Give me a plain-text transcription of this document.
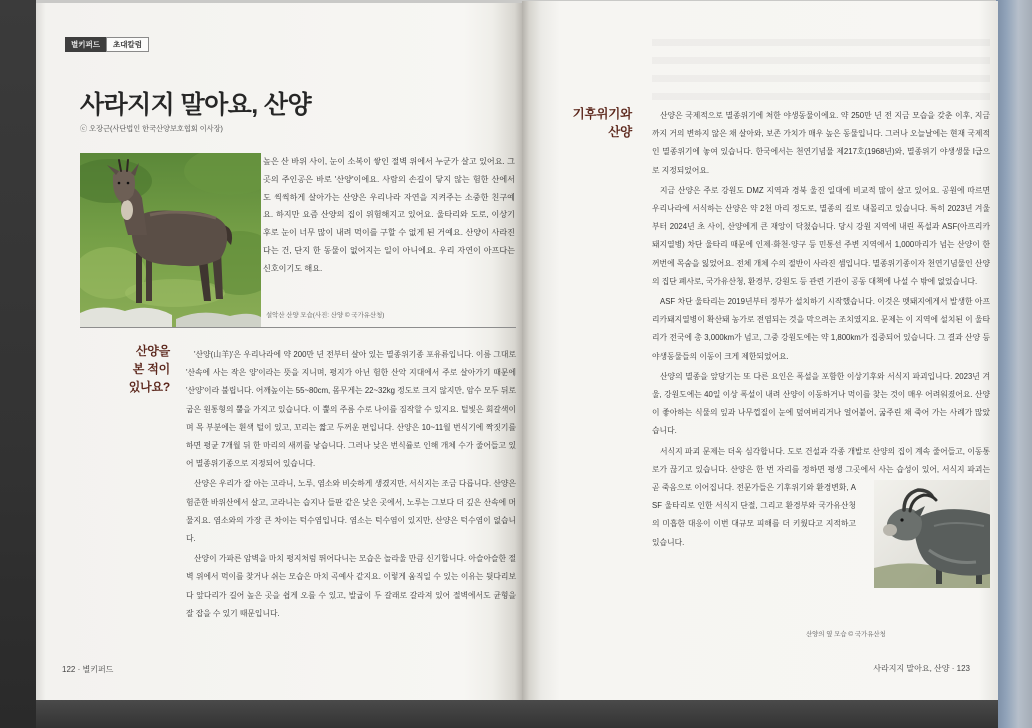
별키퍼드	초대칼럼
사라지지 말아요, 산양
ⓒ 오장근(사단법인 한국산양보호협회 이사장)
높은 산 바위 사이, 눈이 소복이 쌓인 절벽 위에서 누군가 살고 있어요. 그곳의 주인공은 바로 '산양'이에요. 사람의 손길이 닿지 않는 험한 산에서도 씩씩하게 살아가는 산양은 우리나라 자연을 지켜주는 소중한 친구예요. 하지만 요즘 산양의 집이 위험해지고 있어요. 울타리와 도로, 이상기후로 눈이 너무 많이 내려 먹이를 구할 수 없게 된 거예요. 산양이 사라진다는 건, 단지 한 동물이 없어지는 일이 아니에요. 우리 자연이 아프다는 신호이기도 해요.
설악산 산양 모습(사진: 산양 © 국가유산청)
산양을
본 적이
있나요?

'산양(山羊)'은 우리나라에 약 200만 년 전부터 살아 있는 멸종위기종 포유류입니다. 이름 그대로 '산속에 사는 작은 양'이라는 뜻을 지니며, 평지가 아닌 험한 산악 지대에서 주로 살아가기 때문에 '산양'이라 불립니다. 어깨높이는 55~80cm, 몸무게는 22~32kg 정도로 크지 않지만, 암수 모두 뒤로 굽은 원통형의 뿔을 가지고 있습니다. 이 뿔의 주름 수로 나이를 짐작할 수 있지요. 털빛은 회갈색이며 목 부분에는 흰색 털이 있고, 꼬리는 짧고 두꺼운 편입니다. 산양은 10~11월 번식기에 짝짓기를 하면 평균 7개월 뒤 한 마리의 새끼를 낳습니다. 그러나 낮은 번식률로 인해 개체 수가 줄어들고 있어 멸종위기종으로 지정되어 있습니다.

산양은 우리가 잘 아는 고라니, 노루, 염소와 비슷하게 생겼지만, 서식지는 조금 다릅니다. 산양은 험준한 바위산에서 살고, 고라니는 습지나 들판 같은 낮은 곳에서, 노루는 그보다 더 깊은 산속에 머물지요. 염소와의 가장 큰 차이는 턱수염입니다. 염소는 턱수염이 있지만, 산양은 턱수염이 없습니다.

산양이 가파른 암벽을 마치 평지처럼 뛰어다니는 모습은 놀라울 만큼 신기합니다. 아슬아슬한 절벽 위에서 먹이를 찾거나 쉬는 모습은 마치 곡예사 같지요. 이렇게 움직일 수 있는 이유는 뒷다리보다 앞다리가 길어 높은 곳을 쉽게 오를 수 있고, 발굽이 두 갈래로 갈라져 있어 절벽에서도 균형을 잘 잡을 수 있기 때문입니다.

122 · 별키퍼드
기후위기와
산양

산양은 국제적으로 멸종위기에 처한 야생동물이에요. 약 250만 년 전 지금 모습을 갖춘 이후, 지금까지 거의 변하지 않은 채 살아와, 보존 가치가 매우 높은 동물입니다. 그러나 오늘날에는 현재 국제적인 멸종위기에 놓여 있습니다. 한국에서는 천연기념물 제217호(1968년)와, 멸종위기 야생생물 I급으로 지정되었어요.

지금 산양은 주로 강원도 DMZ 지역과 경북 울진 일대에 비교적 많이 살고 있어요. 공원에 따르면 우리나라에 서식하는 산양은 약 2천 마리 정도로, 멸종의 길로 내몰리고 있습니다. 특히 2023년 겨울부터 2024년 초 사이, 산양에게 큰 재앙이 닥쳤습니다. 당시 강원 지역에 내린 폭설과 ASF(아프리카돼지열병) 차단 울타리 때문에 인제·화천·양구 등 민통선 주변 지역에서 1,000마리가 넘는 산양이 한꺼번에 목숨을 잃었어요. 전체 개체 수의 절반이 사라진 셈입니다. 멸종위기종이자 천연기념물인 산양의 집단 폐사로, 국가유산청, 환경부, 강원도 등 관련 기관이 공동 대책에 나설 수 밖에 없었습니다.

ASF 차단 울타리는 2019년부터 정부가 설치하기 시작했습니다. 이것은 멧돼지에게서 발생한 아프리카돼지열병이 확산돼 농가로 전염되는 것을 막으려는 조치였지요. 문제는 이 지역에 설치된 이 울타리가 전국에 총 3,000km가 넘고, 그중 강원도에는 약 1,800km가 집중되어 있습니다. 그 결과 산양 등 야생동물들의 이동이 크게 제한되었어요.

산양의 멸종을 앞당기는 또 다른 요인은 폭설을 포함한 이상기후와 서식지 파괴입니다. 2023년 겨울, 강원도에는 40일 이상 폭설이 내려 산양이 이동하거나 먹이를 찾는 것이 매우 어려워졌어요. 산양이 좋아하는 식물의 잎과 나무껍질이 눈에 덮여버리거나 얼어붙어, 굶주린 채 죽어 가는 사례가 많았습니다.

서식지 파괴 문제는 더욱 심각합니다. 도로 건설과 각종 개발로 산양의 집이 계속 줄어들고, 이동통로가 끊기고 있습니다. 산양은 한 번 자리를 정하면 평생 그곳에서 사는 습성이 있어, 서식지 파괴는 곧 죽음으로 이어집니다. 전문가들은 기후위기와 환경변화, ASF 울타리로 인한 서식지 단절, 그리고 환경부와 국가유산청의 미흡한 대응이 이번 대규모 피해를 더 키웠다고 지적하고 있습니다.

산양의 옆 모습 © 국가유산청
사라지지 말아요, 산양 · 123
